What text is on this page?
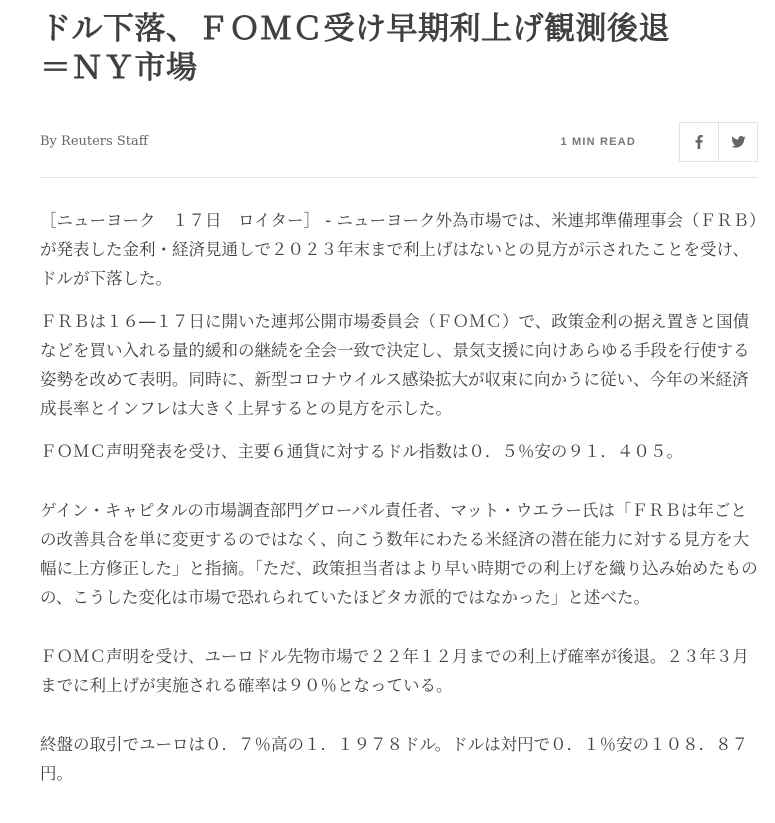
ドル下落、ＦＯＭＣ受け早期利上げ観測後退
＝ＮＹ市場
By Reuters Staff	1 MIN READ

［ニューヨーク　１７日　ロイター］ - ニューヨーク外為市場では、米連邦準備理事会（ＦＲＢ）が発表した金利・経済見通しで２０２３年末まで利上げはないとの見方が示されたことを受け、ドルが下落した。

ＦＲＢは１６―１７日に開いた連邦公開市場委員会（ＦＯＭＣ）で、政策金利の据え置きと国債などを買い入れる量的緩和の継続を全会一致で決定し、景気支援に向けあらゆる手段を行使する姿勢を改めて表明。同時に、新型コロナウイルス感染拡大が収束に向かうに従い、今年の米経済成長率とインフレは大きく上昇するとの見方を示した。

ＦＯＭＣ声明発表を受け、主要６通貨に対するドル指数は０．５％安の９１．４０５。

ゲイン・キャピタルの市場調査部門グローバル責任者、マット・ウエラー氏は「ＦＲＢは年ごとの改善具合を単に変更するのではなく、向こう数年にわたる米経済の潜在能力に対する見方を大幅に上方修正した」と指摘。「ただ、政策担当者はより早い時期での利上げを織り込み始めたものの、こうした変化は市場で恐れられていたほどタカ派的ではなかった」と述べた。

ＦＯＭＣ声明を受け、ユーロドル先物市場で２２年１２月までの利上げ確率が後退。２３年３月までに利上げが実施される確率は９０％となっている。

終盤の取引でユーロは０．７％高の１．１９７８ドル。ドルは対円で０．１％安の１０８．８７円。
